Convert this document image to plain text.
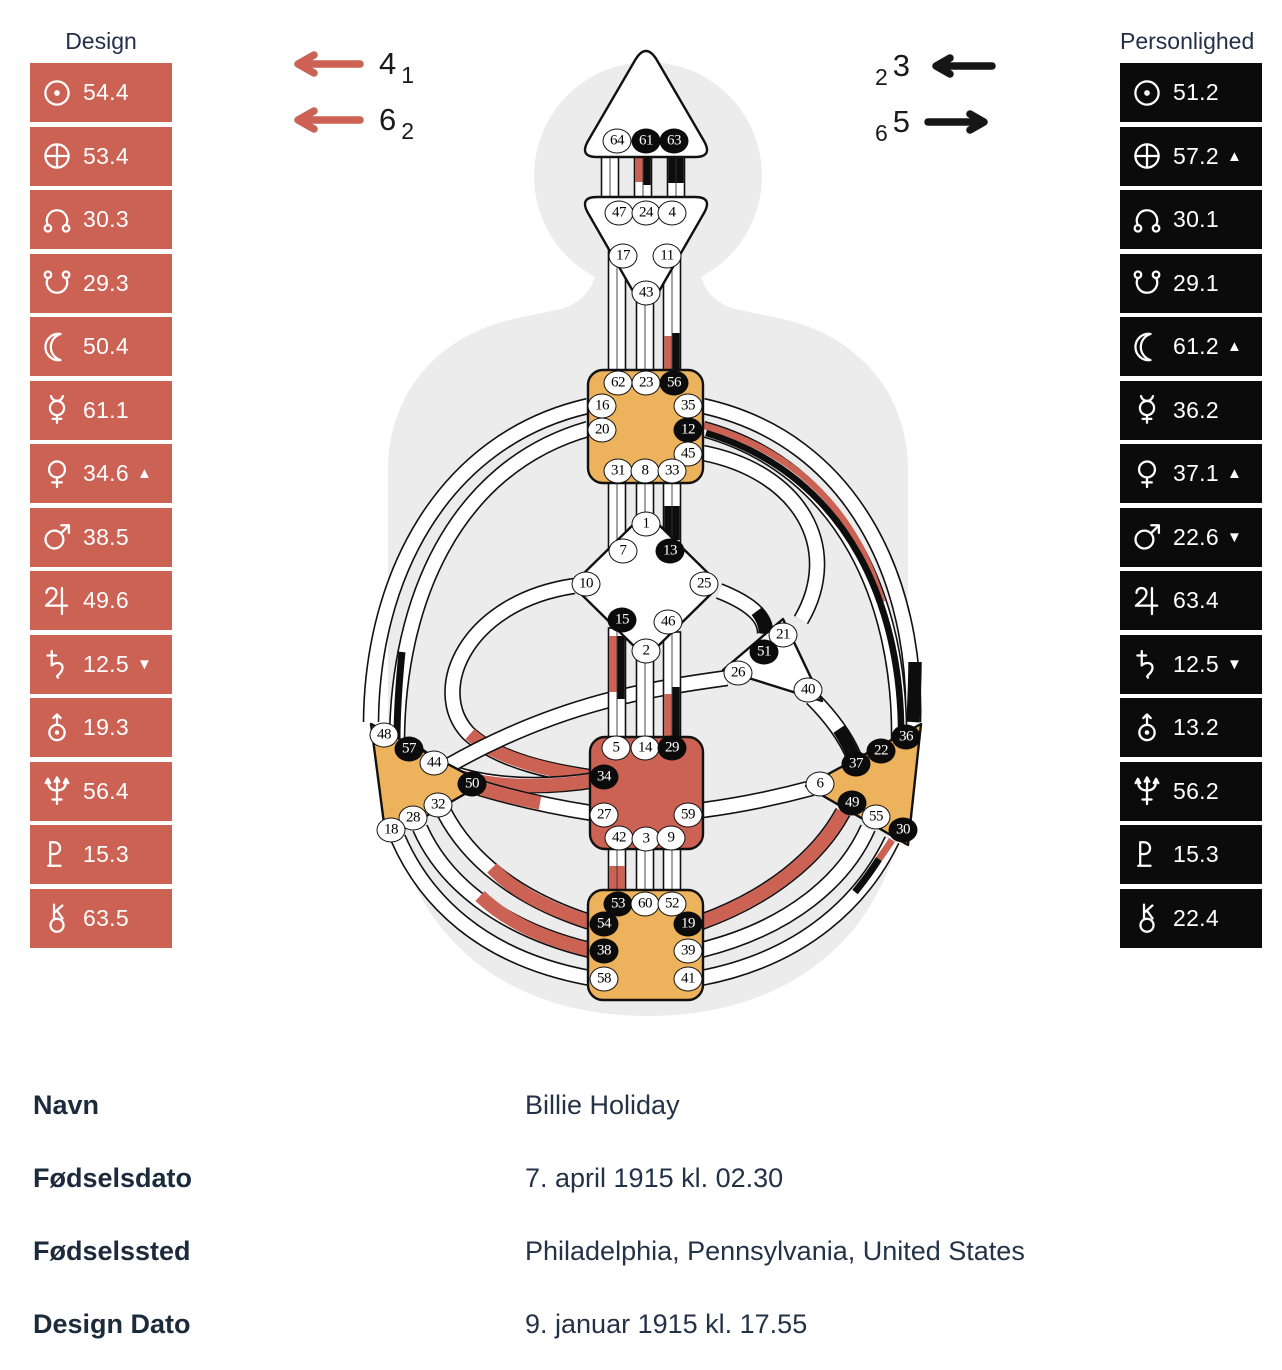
64	61 63
47 24	4
17	11
43
62 23 56
16
20
35
12
45
31	8	33
1
7	13
10	25
15	46
2
21
51
26
40
48
57
44
50
32
28
18
5	14 29
34
27	59
42	3	9
36
22
37
6
49
55
30
53 60 52
54	19
38	39
58	41
Design
54.4
53.4
30.3
29.3
50.4
61.1
34.6 ▲
38.5
49.6
12.5 ▼
19.3
56.4
15.3
63.5
Personlighed
51.2
57.2 ▲
30.1
29.1
61.2 ▲
36.2
37.1 ▲
22.6 ▼
63.4
12.5 ▼
13.2
56.2
15.3
22.4
4 1
6 2
2 3
6 5
Navn	Billie Holiday
Fødselsdato	7. april 1915 kl. 02.30
Fødselssted	Philadelphia, Pennsylvania, United States
Design Dato	9. januar 1915 kl. 17.55
